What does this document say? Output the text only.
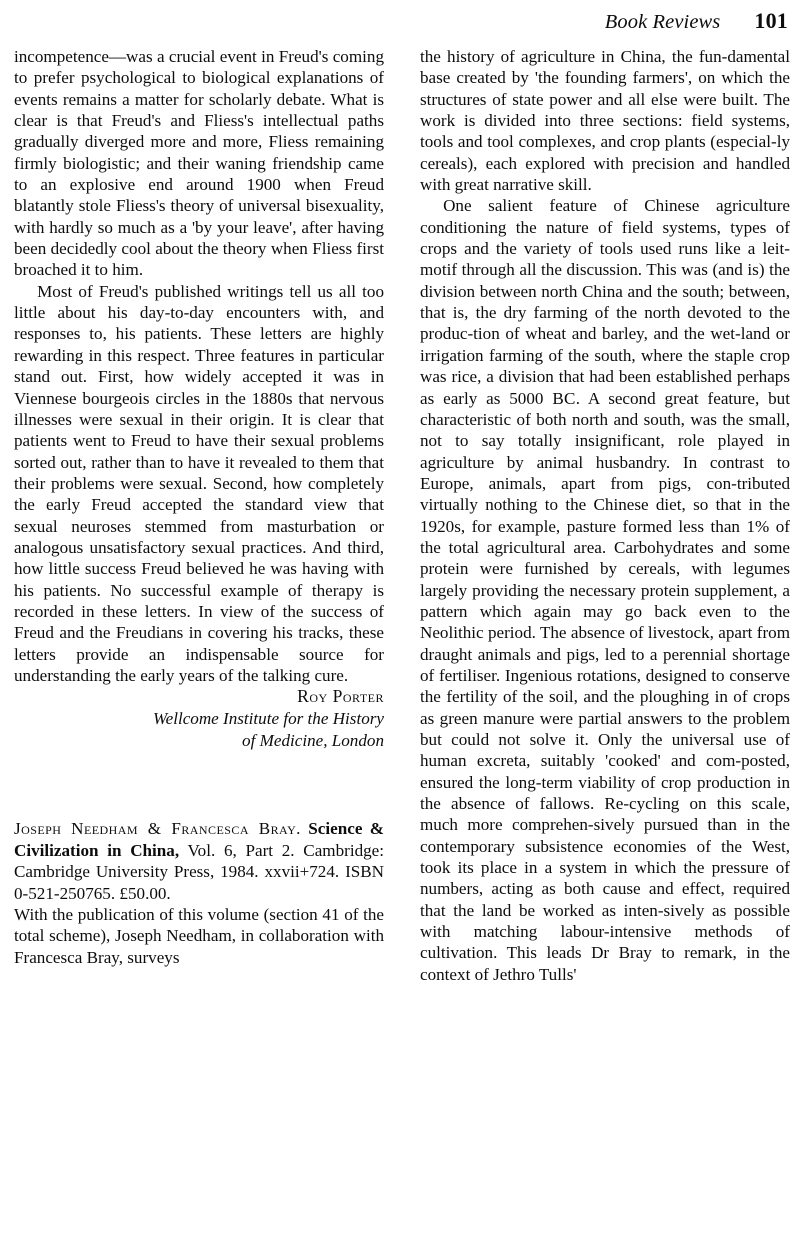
Book Reviews 101

incompetence—was a crucial event in Freud's coming to prefer psychological to biological explanations of events remains a matter for scholarly debate. What is clear is that Freud's and Fliess's intellectual paths gradually diverged more and more, Fliess remaining firmly biologistic; and their waning friendship came to an explosive end around 1900 when Freud blatantly stole Fliess's theory of universal bisexuality, with hardly so much as a 'by your leave', after having been decidedly cool about the theory when Fliess first broached it to him.

Most of Freud's published writings tell us all too little about his day-to-day encounters with, and responses to, his patients. These letters are highly rewarding in this respect. Three features in particular stand out. First, how widely accepted it was in Viennese bourgeois circles in the 1880s that nervous illnesses were sexual in their origin. It is clear that patients went to Freud to have their sexual problems sorted out, rather than to have it revealed to them that their problems were sexual. Second, how completely the early Freud accepted the standard view that sexual neuroses stemmed from masturbation or analogous unsatisfactory sexual practices. And third, how little success Freud believed he was having with his patients. No successful example of therapy is recorded in these letters. In view of the success of Freud and the Freudians in covering his tracks, these letters provide an indispensable source for understanding the early years of the talking cure.

Roy Porter
Wellcome Institute for the History
of Medicine, London
Joseph Needham & Francesca Bray. Science & Civilization in China, Vol. 6, Part 2. Cambridge: Cambridge University Press, 1984. xxvii+724. ISBN 0-521-250765. £50.00.

With the publication of this volume (section 41 of the total scheme), Joseph Needham, in collaboration with Francesca Bray, surveys

the history of agriculture in China, the fun-damental base created by 'the founding farmers', on which the structures of state power and all else were built. The work is divided into three sections: field systems, tools and tool complexes, and crop plants (especial-ly cereals), each explored with precision and handled with great narrative skill.

One salient feature of Chinese agriculture conditioning the nature of field systems, types of crops and the variety of tools used runs like a leit-motif through all the discussion. This was (and is) the division between north China and the south; between, that is, the dry farming of the north devoted to the produc-tion of wheat and barley, and the wet-land or irrigation farming of the south, where the staple crop was rice, a division that had been established perhaps as early as 5000 BC. A second great feature, but characteristic of both north and south, was the small, not to say totally insignificant, role played in agriculture by animal husbandry. In contrast to Europe, animals, apart from pigs, con-tributed virtually nothing to the Chinese diet, so that in the 1920s, for example, pasture formed less than 1% of the total agricultural area. Carbohydrates and some protein were furnished by cereals, with legumes largely providing the necessary protein supplement, a pattern which again may go back even to the Neolithic period. The absence of livestock, apart from draught animals and pigs, led to a perennial shortage of fertiliser. Ingenious rotations, designed to conserve the fertility of the soil, and the ploughing in of crops as green manure were partial answers to the problem but could not solve it. Only the universal use of human excreta, suitably 'cooked' and com-posted, ensured the long-term viability of crop production in the absence of fallows. Re-cycling on this scale, much more comprehen-sively pursued than in the contemporary subsistence economies of the West, took its place in a system in which the pressure of numbers, acting as both cause and effect, required that the land be worked as inten-sively as possible with matching labour-intensive methods of cultivation. This leads Dr Bray to remark, in the context of Jethro Tulls'
